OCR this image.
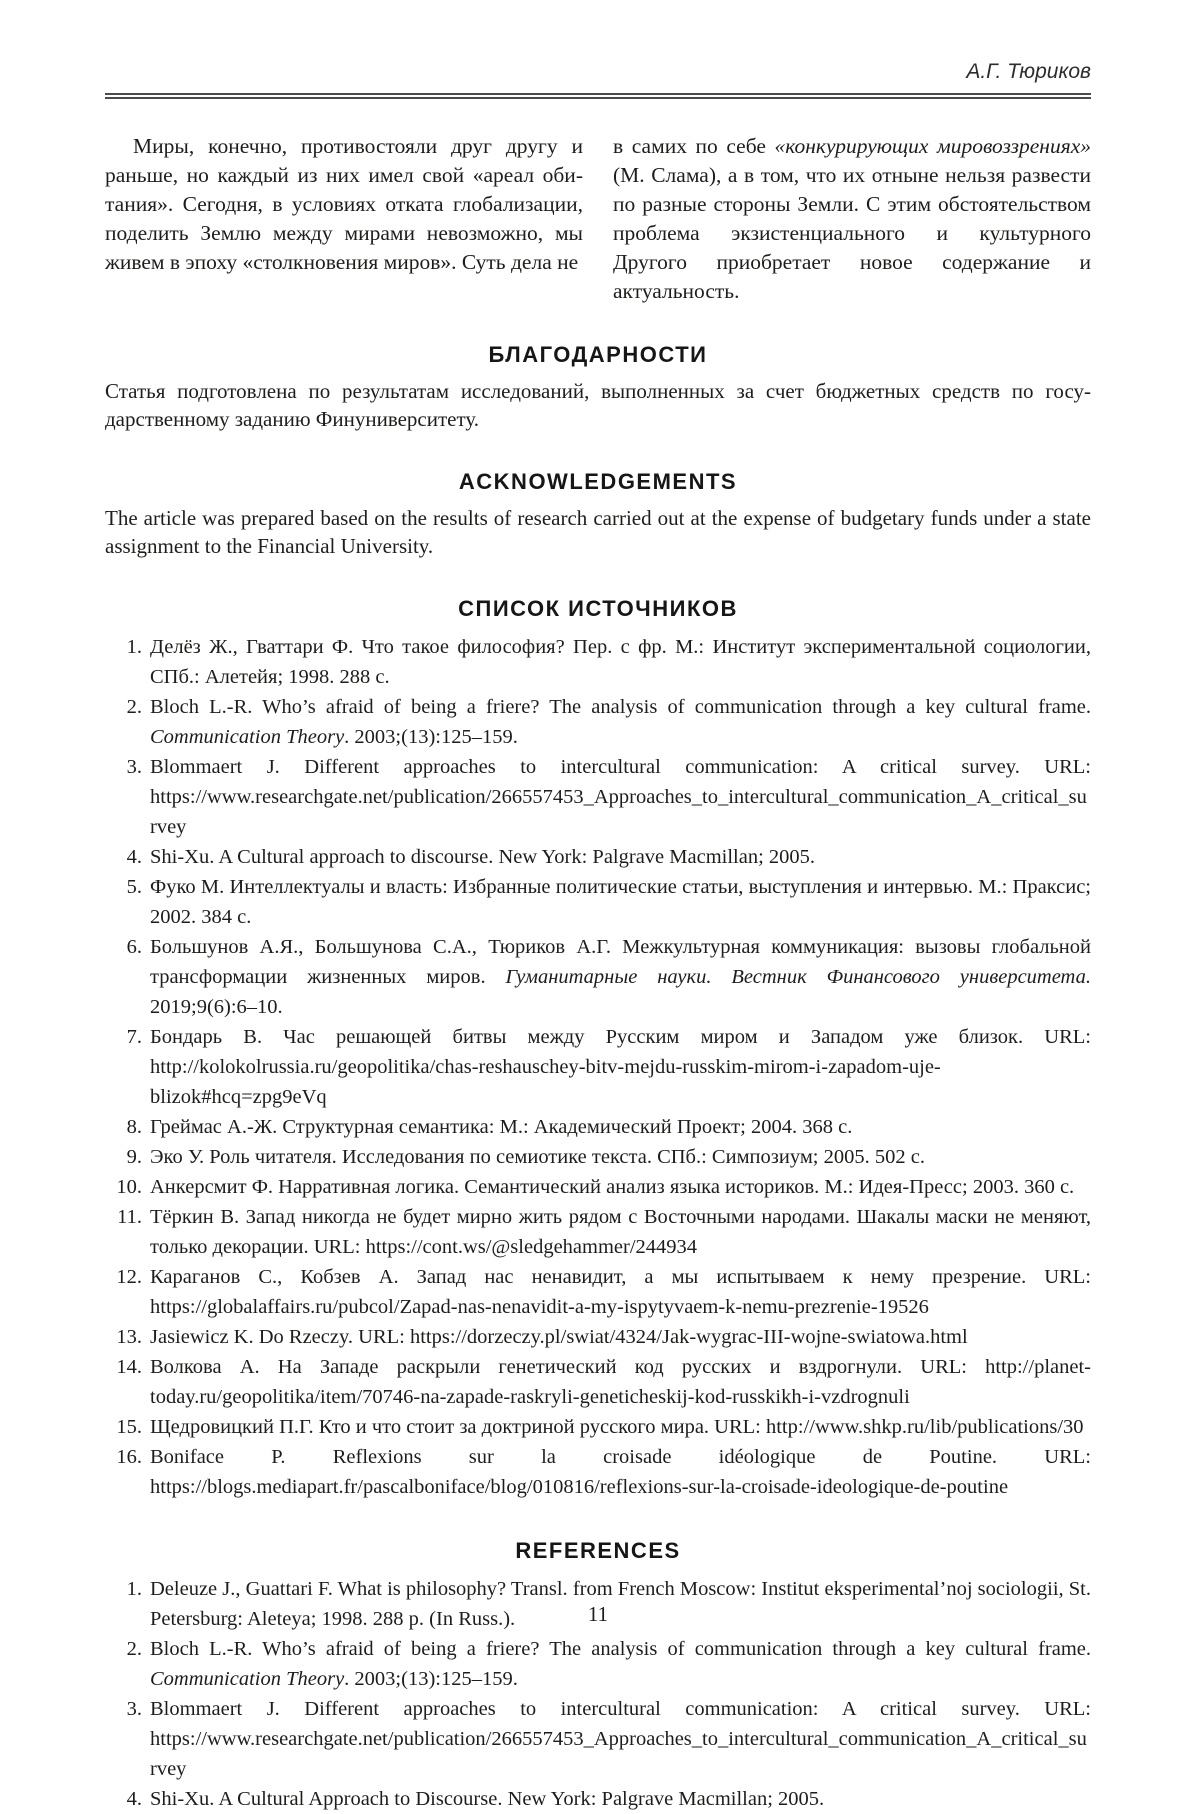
А.Г. Тюриков

Миры, конечно, противостояли друг другу и раньше, но каждый из них имел свой «ареал обитания». Сегодня, в условиях отката глобализации, поделить Землю между мирами невозможно, мы живем в эпоху «столкновения миров». Суть дела не

в самих по себе «конкурирующих мировоззрениях» (М. Слама), а в том, что их отныне нельзя развести по разные стороны Земли. С этим обстоятельством проблема экзистенциального и культурного Другого приобретает новое содержание и актуальность.

БЛАГОДАРНОСТИ

Статья подготовлена по результатам исследований, выполненных за счет бюджетных средств по государственному заданию Финуниверситету.

ACKNOWLEDGEMENTS

The article was prepared based on the results of research carried out at the expense of budgetary funds under a state assignment to the Financial University.

СПИСОК ИСТОЧНИКОВ
Делёз Ж., Гваттари Ф. Что такое философия? Пер. с фр. М.: Институт экспериментальной социологии, СПб.: Алетейя; 1998. 288 с.
Bloch L.-R. Who’s afraid of being a friere? The analysis of communication through a key cultural frame. Communication Theory. 2003;(13):125–159.
Blommaert J. Different approaches to intercultural communication: A critical survey. URL: https://www.researchgate.net/publication/266557453_Approaches_to_intercultural_communication_A_critical_survey
Shi-Xu. A Cultural approach to discourse. New York: Palgrave Macmillan; 2005.
Фуко М. Интеллектуалы и власть: Избранные политические статьи, выступления и интервью. М.: Праксис; 2002. 384 с.
Большунов А.Я., Большунова С.А., Тюриков А.Г. Межкультурная коммуникация: вызовы глобальной трансформации жизненных миров. Гуманитарные науки. Вестник Финансового университета. 2019;9(6):6–10.
Бондарь В. Час решающей битвы между Русским миром и Западом уже близок. URL: http://kolokolrussia.ru/geopolitika/chas-reshauschey-bitv-mejdu-russkim-mirom-i-zapadom-uje-blizok#hcq=zpg9eVq
Греймас А.-Ж. Структурная семантика: М.: Академический Проект; 2004. 368 с.
Эко У. Роль читателя. Исследования по семиотике текста. СПб.: Симпозиум; 2005. 502 с.
Анкерсмит Ф. Нарративная логика. Семантический анализ языка историков. М.: Идея-Пресс; 2003. 360 с.
Тёркин В. Запад никогда не будет мирно жить рядом с Восточными народами. Шакалы маски не меняют, только декорации. URL: https://cont.ws/@sledgehammer/244934
Караганов С., Кобзев А. Запад нас ненавидит, а мы испытываем к нему презрение. URL: https://globalaffairs.ru/pubcol/Zapad-nas-nenavidit-a-my-ispytyvaem-k-nemu-prezrenie-19526
Jasiewicz K. Do Rzeczy. URL: https://dorzeczy.pl/swiat/4324/Jak-wygrac-III-wojne-swiatowa.html
Волкова А. На Западе раскрыли генетический код русских и вздрогнули. URL: http://planet-today.ru/geopolitika/item/70746-na-zapade-raskryli-geneticheskij-kod-russkikh-i-vzdrognuli
Щедровицкий П.Г. Кто и что стоит за доктриной русского мира. URL: http://www.shkp.ru/lib/publications/30
Boniface P. Reflexions sur la croisade idéologique de Poutine. URL: https://blogs.mediapart.fr/pascalboniface/blog/010816/reflexions-sur-la-croisade-ideologique-de-poutine
REFERENCES
Deleuze J., Guattari F. What is philosophy? Transl. from French Moscow: Institut eksperimental’noj sociologii, St. Petersburg: Aleteya; 1998. 288 p. (In Russ.).
Bloch L.-R. Who’s afraid of being a friere? The analysis of communication through a key cultural frame. Communication Theory. 2003;(13):125–159.
Blommaert J. Different approaches to intercultural communication: A critical survey. URL: https://www.researchgate.net/publication/266557453_Approaches_to_intercultural_communication_A_critical_survey
Shi-Xu. A Cultural Approach to Discourse. New York: Palgrave Macmillan; 2005.
11
